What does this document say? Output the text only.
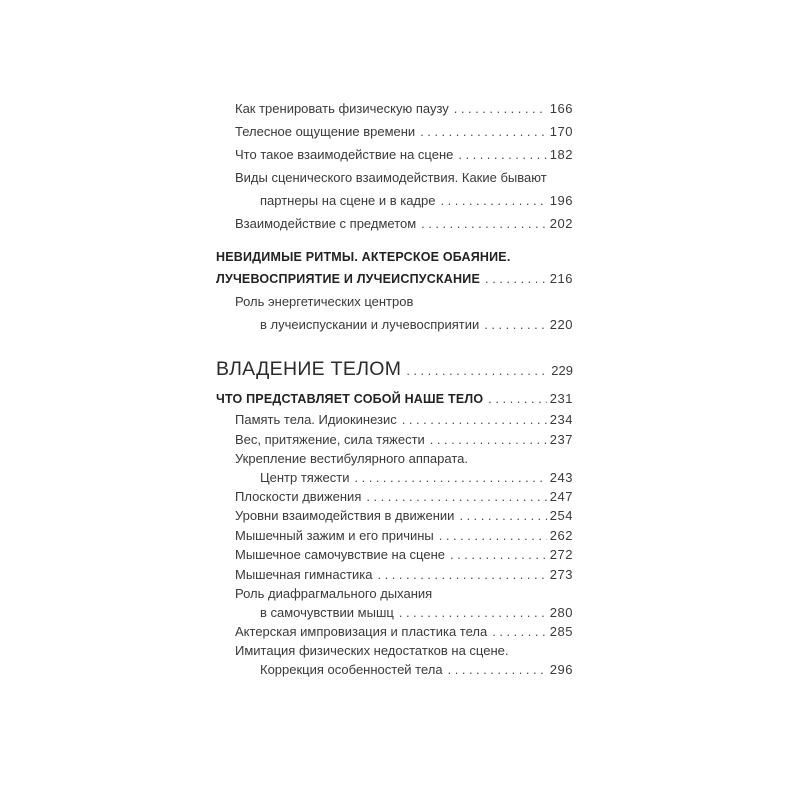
Как тренировать физическую паузу .....	166
Телесное ощущение времени .....	170
Что такое взаимодействие на сцене .....	182
Виды сценического взаимодействия. Какие бывают
партнеры на сцене и в кадре .....	196
Взаимодействие с предметом .....	202
НЕВИДИМЫЕ РИТМЫ. АКТЕРСКОЕ ОБАЯНИЕ.
ЛУЧЕВОСПРИЯТИЕ И ЛУЧЕИСПУСКАНИЕ .....	216
Роль энергетических центров
в лучеиспускании и лучевосприятии .....	220
ВЛАДЕНИЕ ТЕЛОМ .....	229
ЧТО ПРЕДСТАВЛЯЕТ СОБОЙ НАШЕ ТЕЛО .....	231
Память тела. Идиокинезис .....	234
Вес, притяжение, сила тяжести .....	237
Укрепление вестибулярного аппарата.
Центр тяжести .....	243
Плоскости движения .....	247
Уровни взаимодействия в движении .....	254
Мышечный зажим и его причины .....	262
Мышечное самочувствие на сцене .....	272
Мышечная гимнастика .....	273
Роль диафрагмального дыхания
в самочувствии мышц .....	280
Актерская импровизация и пластика тела .....	285
Имитация физических недостатков на сцене.
Коррекция особенностей тела .....	296
